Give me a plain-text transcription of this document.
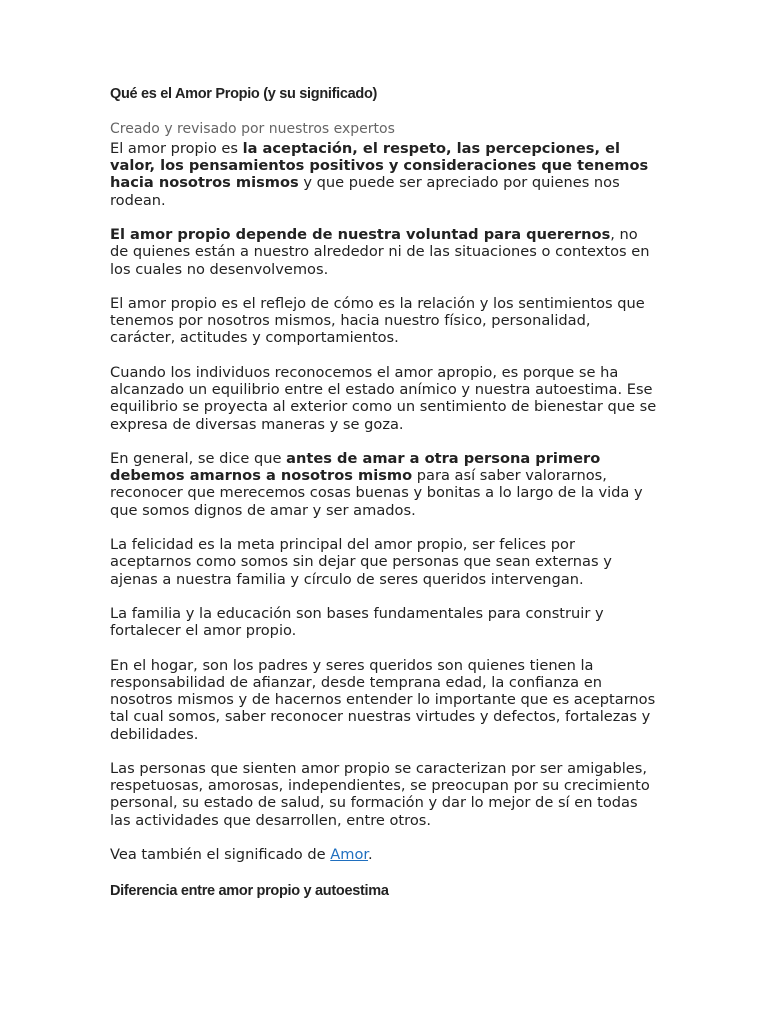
Qué es el Amor Propio (y su significado)
Creado y revisado por nuestros expertos

El amor propio es la aceptación, el respeto, las percepciones, el valor, los pensamientos positivos y consideraciones que tenemos hacia nosotros mismos y que puede ser apreciado por quienes nos rodean.

El amor propio depende de nuestra voluntad para querernos, no de quienes están a nuestro alrededor ni de las situaciones o contextos en los cuales no desenvolvemos.

El amor propio es el reflejo de cómo es la relación y los sentimientos que tenemos por nosotros mismos, hacia nuestro físico, personalidad, carácter, actitudes y comportamientos.

Cuando los individuos reconocemos el amor apropio, es porque se ha alcanzado un equilibrio entre el estado anímico y nuestra autoestima. Ese equilibrio se proyecta al exterior como un sentimiento de bienestar que se expresa de diversas maneras y se goza.

En general, se dice que antes de amar a otra persona primero debemos amarnos a nosotros mismo para así saber valorarnos, reconocer que merecemos cosas buenas y bonitas a lo largo de la vida y que somos dignos de amar y ser amados.

La felicidad es la meta principal del amor propio, ser felices por aceptarnos como somos sin dejar que personas que sean externas y ajenas a nuestra familia y círculo de seres queridos intervengan.

La familia y la educación son bases fundamentales para construir y fortalecer el amor propio.

En el hogar, son los padres y seres queridos son quienes tienen la responsabilidad de afianzar, desde temprana edad, la confianza en nosotros mismos y de hacernos entender lo importante que es aceptarnos tal cual somos, saber reconocer nuestras virtudes y defectos, fortalezas y debilidades.

Las personas que sienten amor propio se caracterizan por ser amigables, respetuosas, amorosas, independientes, se preocupan por su crecimiento personal, su estado de salud, su formación y dar lo mejor de sí en todas las actividades que desarrollen, entre otros.

Vea también el significado de Amor.

Diferencia entre amor propio y autoestima
